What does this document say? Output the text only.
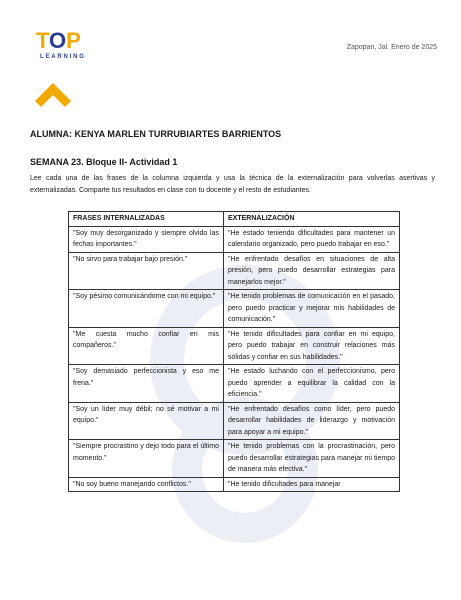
TOP
LEARNING
Zapopan, Jal. Enero de 2025
ALUMNA: KENYA MARLEN TURRUBIARTES BARRIENTOS
SEMANA 23. Bloque II- Actividad 1
Lee cada una de las frases de la columna izquierda y usa la técnica de la externalización para volverlas asertivas y externalizadas. Comparte tus resultados en clase con tu docente y el resto de estudiantes.
FRASES INTERNALIZADAS	EXTERNALIZACIÓN
"Soy muy desorganizado y siempre olvido las fechas importantes."	"He estado teniendo dificultades para mantener un calendario organizado, pero puedo trabajar en eso."
"No sirvo para trabajar bajo presión."	"He enfrentado desafíos en situaciones de alta presión, pero puedo desarrollar estrategias para manejarlos mejor."
"Soy pésimo comunicándome con mi equipo."	"He tenido problemas de comunicación en el pasado, pero puedo practicar y mejorar mis habilidades de comunicación."
"Me cuesta mucho confiar en mis compañeros."	"He tenido dificultades para confiar en mi equipo, pero puedo trabajar en construir relaciones más sólidas y confiar en sus habilidades."
"Soy demasiado perfeccionista y eso me frena."	"He estado luchando con el perfeccionismo, pero puedo aprender a equilibrar la calidad con la eficiencia."
"Soy un líder muy débil; no sé motivar a mi equipo."	"He enfrentado desafíos como líder, pero puedo desarrollar habilidades de liderazgo y motivación para apoyar a mi equipo."
"Siempre procrastino y dejo todo para el último momento."	"He tenido problemas con la procrastinación, pero puedo desarrollar estrategias para manejar mi tiempo de manera más efectiva."
"No soy bueno manejando conflictos."	"He tenido dificultades para manejar
